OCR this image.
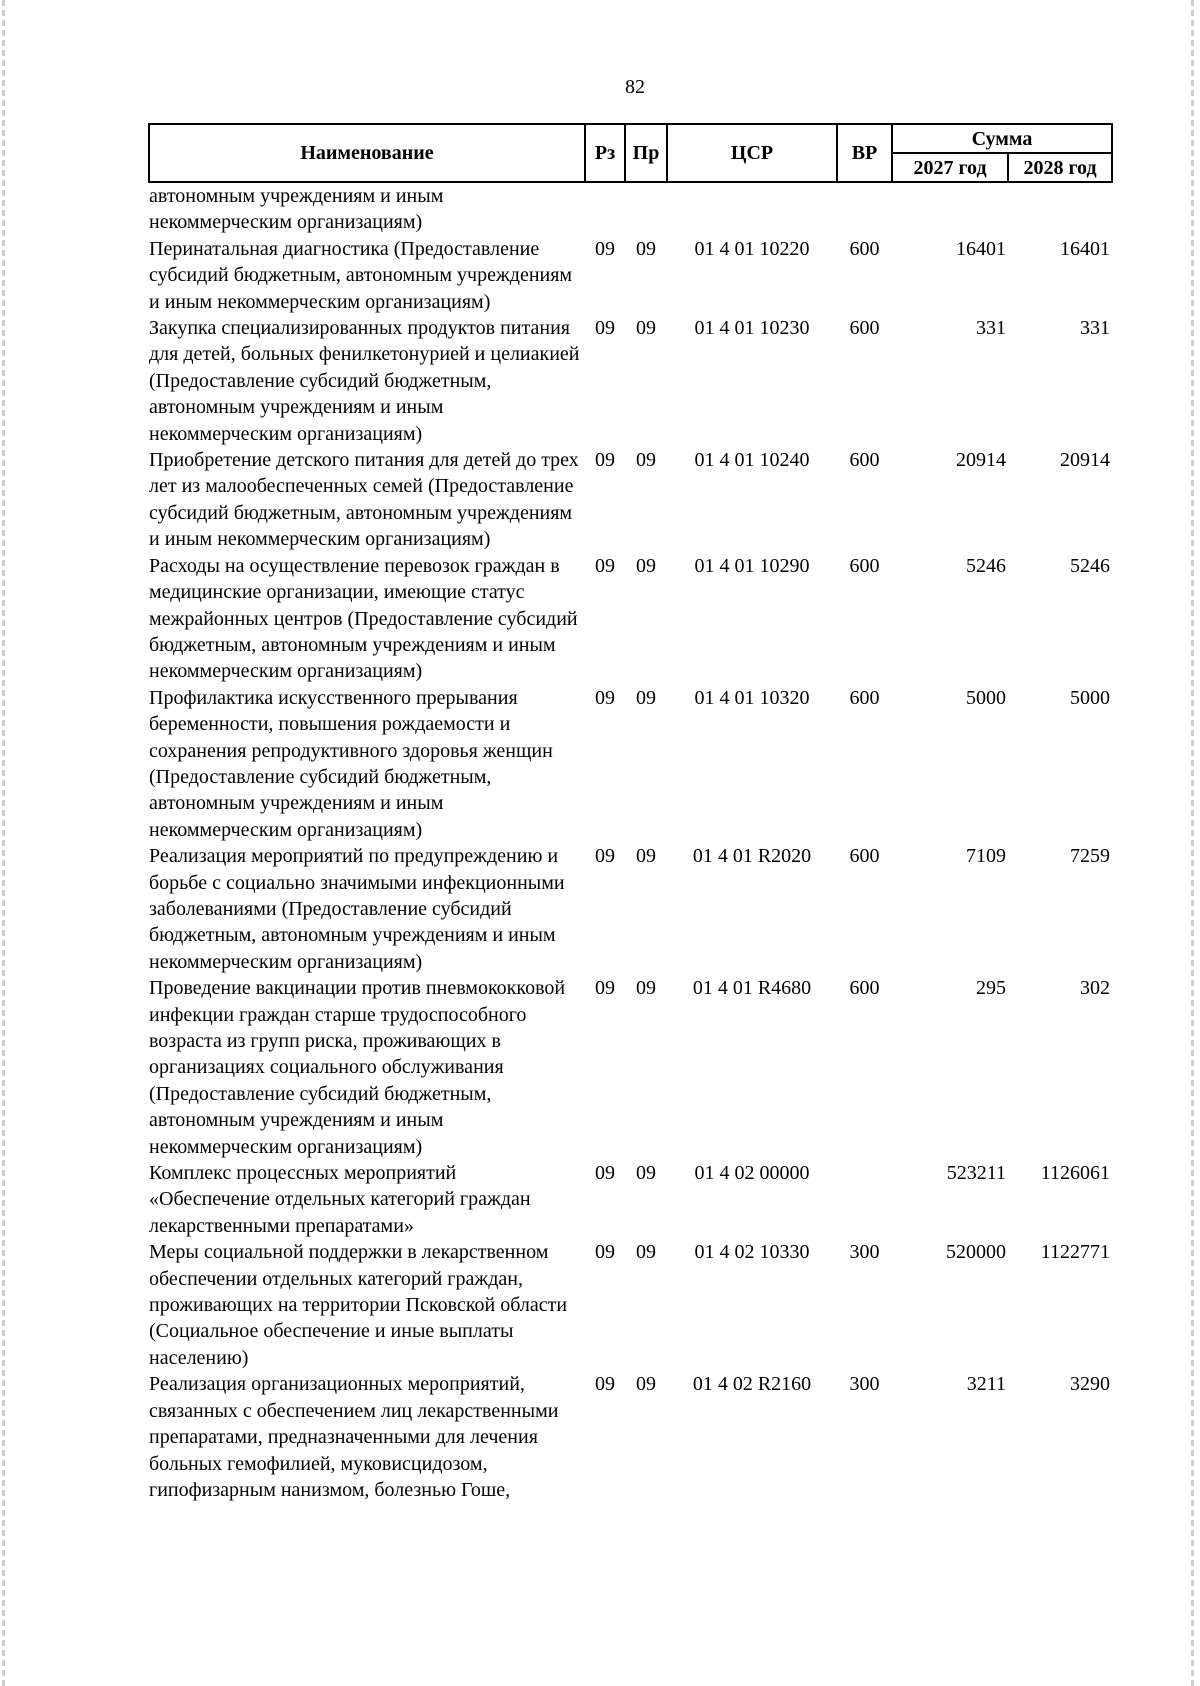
82
Наименование	Рз	Пр	ЦСР	ВР	Сумма	
					2027 год	2028 год
автономным учреждениям и иным некоммерческим организациям)						
Перинатальная диагностика (Предоставление субсидий бюджетным, автономным учреждениям и иным некоммерческим организациям)	09	09	01 4 01 10220	600	16401	16401
Закупка специализированных продуктов питания для детей, больных фенилкетонурией и целиакией (Предоставление субсидий бюджетным, автономным учреждениям и иным некоммерческим организациям)	09	09	01 4 01 10230	600	331	331
Приобретение детского питания для детей до трех лет из малообеспеченных семей (Предоставление субсидий бюджетным, автономным учреждениям и иным некоммерческим организациям)	09	09	01 4 01 10240	600	20914	20914
Расходы на осуществление перевозок граждан в медицинские организации, имеющие статус межрайонных центров (Предоставление субсидий бюджетным, автономным учреждениям и иным некоммерческим организациям)	09	09	01 4 01 10290	600	5246	5246
Профилактика искусственного прерывания беременности, повышения рождаемости и сохранения репродуктивного здоровья женщин (Предоставление субсидий бюджетным, автономным учреждениям и иным некоммерческим организациям)	09	09	01 4 01 10320	600	5000	5000
Реализация мероприятий по предупреждению и борьбе с социально значимыми инфекционными заболеваниями (Предоставление субсидий бюджетным, автономным учреждениям и иным некоммерческим организациям)	09	09	01 4 01 R2020	600	7109	7259
Проведение вакцинации против пневмококковой инфекции граждан старше трудоспособного возраста из групп риска, проживающих в организациях социального обслуживания (Предоставление субсидий бюджетным, автономным учреждениям и иным некоммерческим организациям)	09	09	01 4 01 R4680	600	295	302
Комплекс процессных мероприятий «Обеспечение отдельных категорий граждан лекарственными препаратами»	09	09	01 4 02 00000		523211	1126061
Меры социальной поддержки в лекарственном обеспечении отдельных категорий граждан, проживающих на территории Псковской области (Социальное обеспечение и иные выплаты населению)	09	09	01 4 02 10330	300	520000	1122771
Реализация организационных мероприятий, связанных с обеспечением лиц лекарственными препаратами, предназначенными для лечения больных гемофилией, муковисцидозом, гипофизарным нанизмом, болезнью Гоше,	09	09	01 4 02 R2160	300	3211	3290
